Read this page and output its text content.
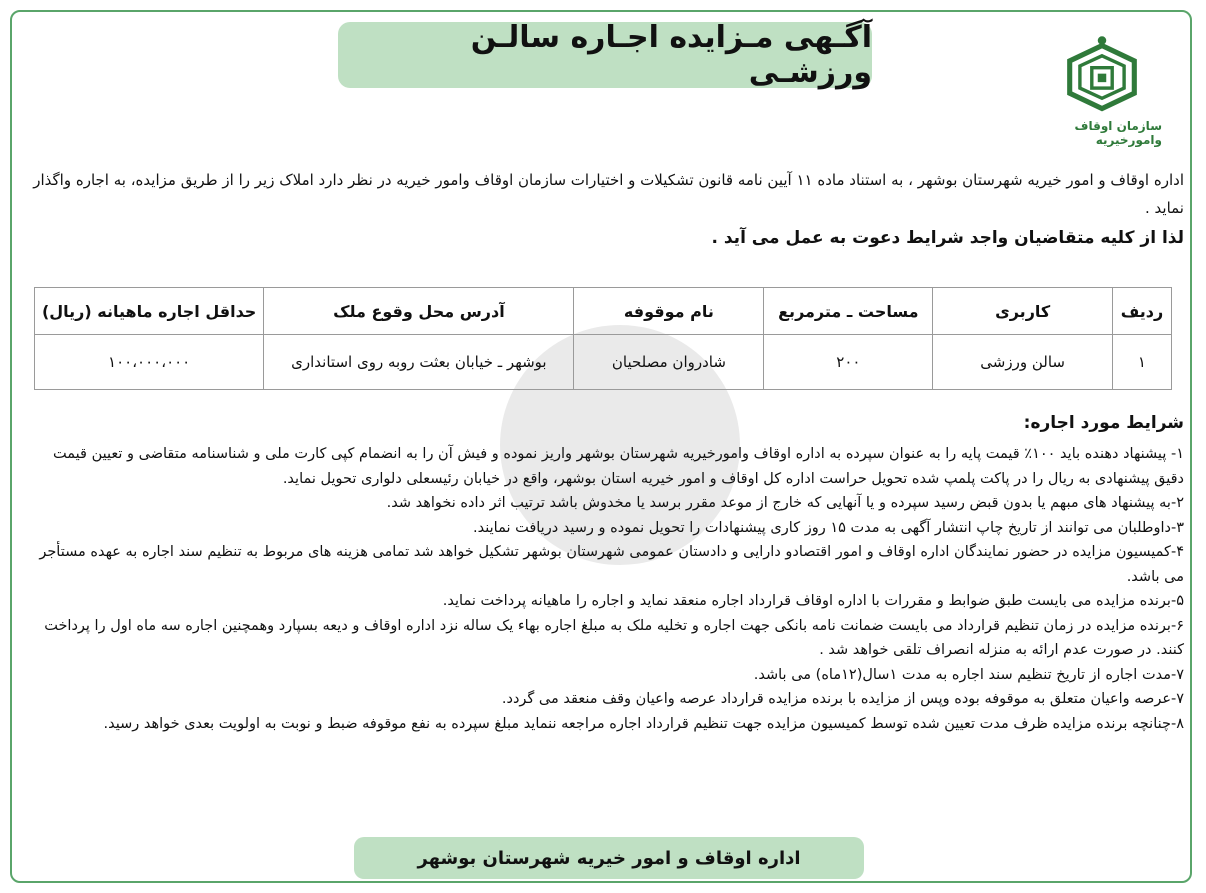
آگـهی مـزایده اجـاره سالـن ورزشـی
سازمان اوقاف وامورخیریه
اداره اوقاف و امور خیریه شهرستان بوشهر ، به استناد ماده ۱۱ آیین نامه قانون تشکیلات و اختیارات سازمان اوقاف وامور خیریه در نظر دارد املاک زیر را از طریق مزایده، به اجاره واگذار نماید .
لذا از کلیه متقاضیان واجد شرایط دعوت به عمل می آید .
ردیف	کاربری	مساحت ـ مترمربع	نام موقوفه	آدرس محل وقوع ملک	حداقل اجاره ماهیانه (ریال)
۱	سالن ورزشی	۲۰۰	شادروان مصلحیان	بوشهر ـ خیابان بعثت روبه روی استانداری	۱۰۰،۰۰۰،۰۰۰
شرایط مورد اجاره:

۱- پیشنهاد دهنده باید ۱۰۰٪ قیمت پایه را به عنوان سپرده به اداره اوقاف وامورخیریه شهرستان بوشهر واریز نموده و فیش آن را به انضمام کپی کارت ملی و شناسنامه متقاضی و تعیین قیمت دقیق پیشنهادی به ریال را در پاکت پلمپ شده تحویل حراست اداره کل اوقاف و امور خیریه استان بوشهر، واقع در خیابان رئیسعلی دلواری تحویل نماید.

۲-به پیشنهاد های مبهم یا بدون قبض رسید سپرده و یا آنهایی که خارج از موعد مقرر برسد یا مخدوش باشد ترتیب اثر داده نخواهد شد.

۳-داوطلبان می توانند از تاریخ چاپ انتشار آگهی به مدت ۱۵ روز کاری پیشنهادات را تحویل نموده و رسید دریافت نمایند.

۴-کمیسیون مزایده در حضور نمایندگان اداره اوقاف و امور اقتصادو دارایی و دادستان عمومی شهرستان بوشهر تشکیل خواهد شد تمامی هزینه های مربوط به تنظیم سند اجاره به عهده مستأجر می باشد.

۵-برنده مزایده می بایست طبق ضوابط و مقررات با اداره اوقاف قرارداد اجاره منعقد نماید و اجاره را ماهیانه پرداخت نماید.

۶-برنده مزایده در زمان تنظیم قرارداد می بایست ضمانت نامه بانکی جهت اجاره و تخلیه ملک به مبلغ اجاره بهاء یک ساله نزد اداره اوقاف و دیعه بسپارد وهمچنین اجاره سه ماه اول را پرداخت کنند. در صورت عدم ارائه به منزله انصراف تلقی خواهد شد .

۷-مدت اجاره از تاریخ تنظیم سند اجاره به مدت ۱سال(۱۲ماه) می باشد.

۷-عرصه واعیان متعلق به موقوفه بوده وپس از مزایده با برنده مزایده قرارداد عرصه واعیان وقف منعقد می گردد.

۸-چنانچه برنده مزایده ظرف مدت تعیین شده توسط کمیسیون مزایده جهت تنظیم قرارداد اجاره مراجعه ننماید مبلغ سپرده به نفع موقوفه ضبط و نوبت به اولویت بعدی خواهد رسید.

اداره اوقاف و امور خیریه شهرستان بوشهر
